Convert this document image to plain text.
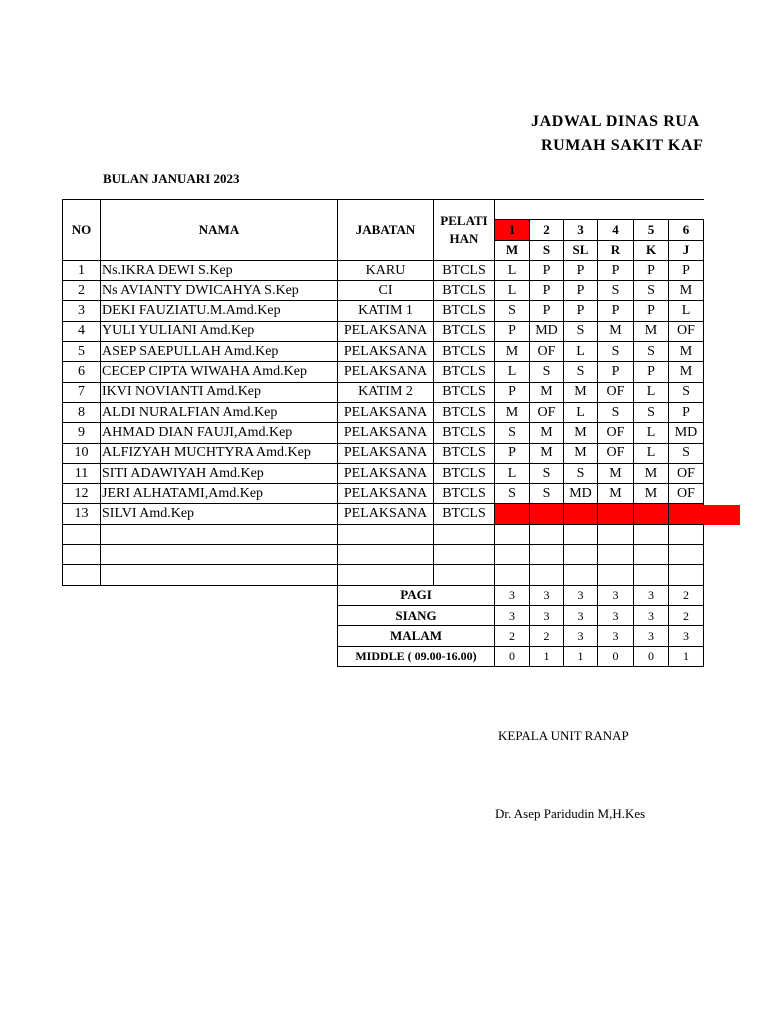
JADWAL DINAS RUA
RUMAH SAKIT KAF
BULAN JANUARI 2023
NO	NAMA	JABATAN	PELATI HAN						
				1	2	3	4	5	6
				M	S	SL	R	K	J
1	Ns.IKRA DEWI S.Kep	KARU	BTCLS	L	P	P	P	P	P
2	Ns AVIANTY DWICAHYA S.Kep	CI	BTCLS	L	P	P	S	S	M
3	DEKI FAUZIATU.M.Amd.Kep	KATIM 1	BTCLS	S	P	P	P	P	L
4	YULI YULIANI Amd.Kep	PELAKSANA	BTCLS	P	MD	S	M	M	OF
5	ASEP SAEPULLAH Amd.Kep	PELAKSANA	BTCLS	M	OF	L	S	S	M
6	CECEP CIPTA WIWAHA Amd.Kep	PELAKSANA	BTCLS	L	S	S	P	P	M
7	IKVI NOVIANTI Amd.Kep	KATIM 2	BTCLS	P	M	M	OF	L	S
8	ALDI NURALFIAN Amd.Kep	PELAKSANA	BTCLS	M	OF	L	S	S	P
9	AHMAD DIAN FAUJI,Amd.Kep	PELAKSANA	BTCLS	S	M	M	OF	L	MD
10	ALFIZYAH MUCHTYRA Amd.Kep	PELAKSANA	BTCLS	P	M	M	OF	L	S
11	SITI ADAWIYAH Amd.Kep	PELAKSANA	BTCLS	L	S	S	M	M	OF
12	JERI ALHATAMI,Amd.Kep	PELAKSANA	BTCLS	S	S	MD	M	M	OF
13	SILVI Amd.Kep	PELAKSANA	BTCLS						

		PAGI		3	3	3	3	3	2
		SIANG		3	3	3	3	3	2
		MALAM		2	2	3	3	3	3
		MIDDLE ( 09.00-16.00)		0	1	1	0	0	1
KEPALA UNIT RANAP
Dr. Asep Paridudin M,H.Kes
